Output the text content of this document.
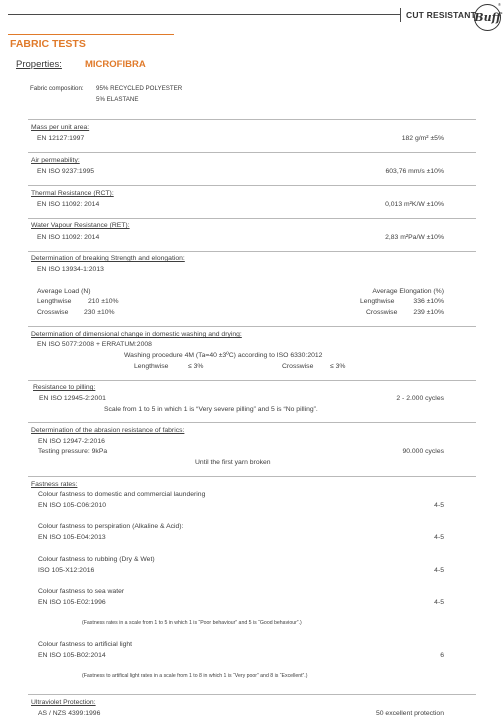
CUT RESISTANT
Buff
®
FABRIC TESTS
Properties: MICROFIBRA
Fabric composition: 95% RECYCLED POLYESTER
5% ELASTANE
Mass per unit area:
EN 12127:1997	182 g/m² ±5%
Air permeability:
EN ISO 9237:1995	603,76 mm/s ±10%
Thermal Resistance (RCT):
EN ISO 11092: 2014	0,013 m²K/W ±10%
Water Vapour Resistance (RET):
EN ISO 11092: 2014	2,83 m²Pa/W ±10%
Determination of breaking Strength and elongation:
EN ISO 13934-1:2013
Average Load (N)	Average Elongation (%)
Lengthwise 210 ±10%	Lengthwise	336 ±10%
Crosswise 230 ±10%	Crosswise 239 ±10%
Determination of dimensional change in domestic washing and drying:
EN ISO 5077:2008 + ERRATUM:2008
Washing procedure 4M (Ta=40 ±3ºC) according to ISO 6330:2012
Lengthwise	≤ 3%	Crosswise ≤ 3%
Resistance to pilling:
EN ISO 12945-2:2001	2 - 2.000 cycles
Scale from 1 to 5 in which 1 is “Very severe pilling” and 5 is “No pilling”.
Determination of the abrasion resistance of fabrics:
EN ISO 12947-2:2016
Testing pressure: 9kPa	90.000 cycles
Until the first yarn broken
Fastness rates:
Colour fastness to domestic and commercial laundering
EN ISO 105-C06:2010	4-5
Colour fastness to perspiration (Alkaline & Acid):
EN ISO 105-E04:2013	4-5
Colour fastness to rubbing (Dry & Wet)
ISO 105-X12:2016	4-5
Colour fastness to sea water
EN ISO 105-E02:1996	4-5
(Fastness rates in a scale from 1 to 5 in which 1 is “Poor behaviour” and 5 is “Good behaviour”.)
Colour fastness to artificial light
EN ISO 105-B02:2014	6
(Fastness to artifical light rates in a scale from 1 to 8 in which 1 is “Very poor” and 8 is “Excellent”.)
Ultraviolet Protection:
AS / NZS 4399:1996	50 excellent protection
